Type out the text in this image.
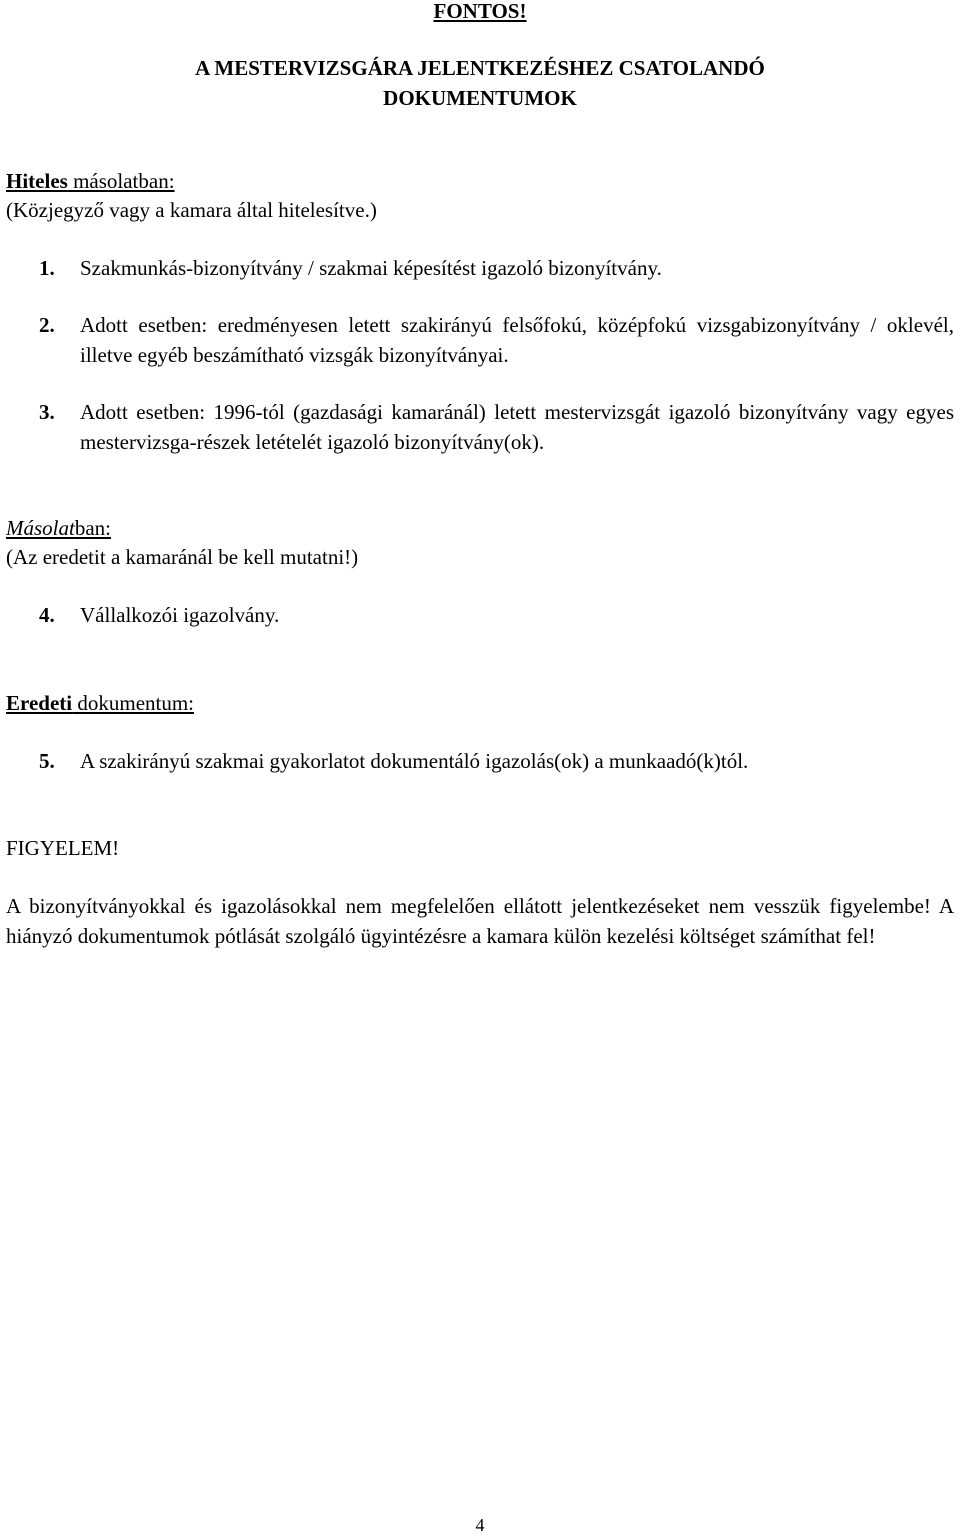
FONTOS!
A MESTERVIZSGÁRA JELENTKEZÉSHEZ CSATOLANDÓ
DOKUMENTUMOK
Hiteles másolatban:
(Közjegyző vagy a kamara által hitelesítve.)
1. Szakmunkás-bizonyítvány / szakmai képesítést igazoló bizonyítvány.
2. Adott esetben: eredményesen letett szakirányú felsőfokú, középfokú vizsgabizonyítvány / oklevél, illetve egyéb beszámítható vizsgák bizonyítványai.
3. Adott esetben: 1996-tól (gazdasági kamaránál) letett mestervizsgát igazoló bizonyítvány vagy egyes mestervizsga-részek letételét igazoló bizonyítvány(ok).
Másolatban:
(Az eredetit a kamaránál be kell mutatni!)
4. Vállalkozói igazolvány.
Eredeti dokumentum:
5. A szakirányú szakmai gyakorlatot dokumentáló igazolás(ok) a munkaadó(k)tól.
FIGYELEM!
A bizonyítványokkal és igazolásokkal nem megfelelően ellátott jelentkezéseket nem vesszük figyelembe! A hiányzó dokumentumok pótlását szolgáló ügyintézésre a kamara külön kezelési költséget számíthat fel!
4
